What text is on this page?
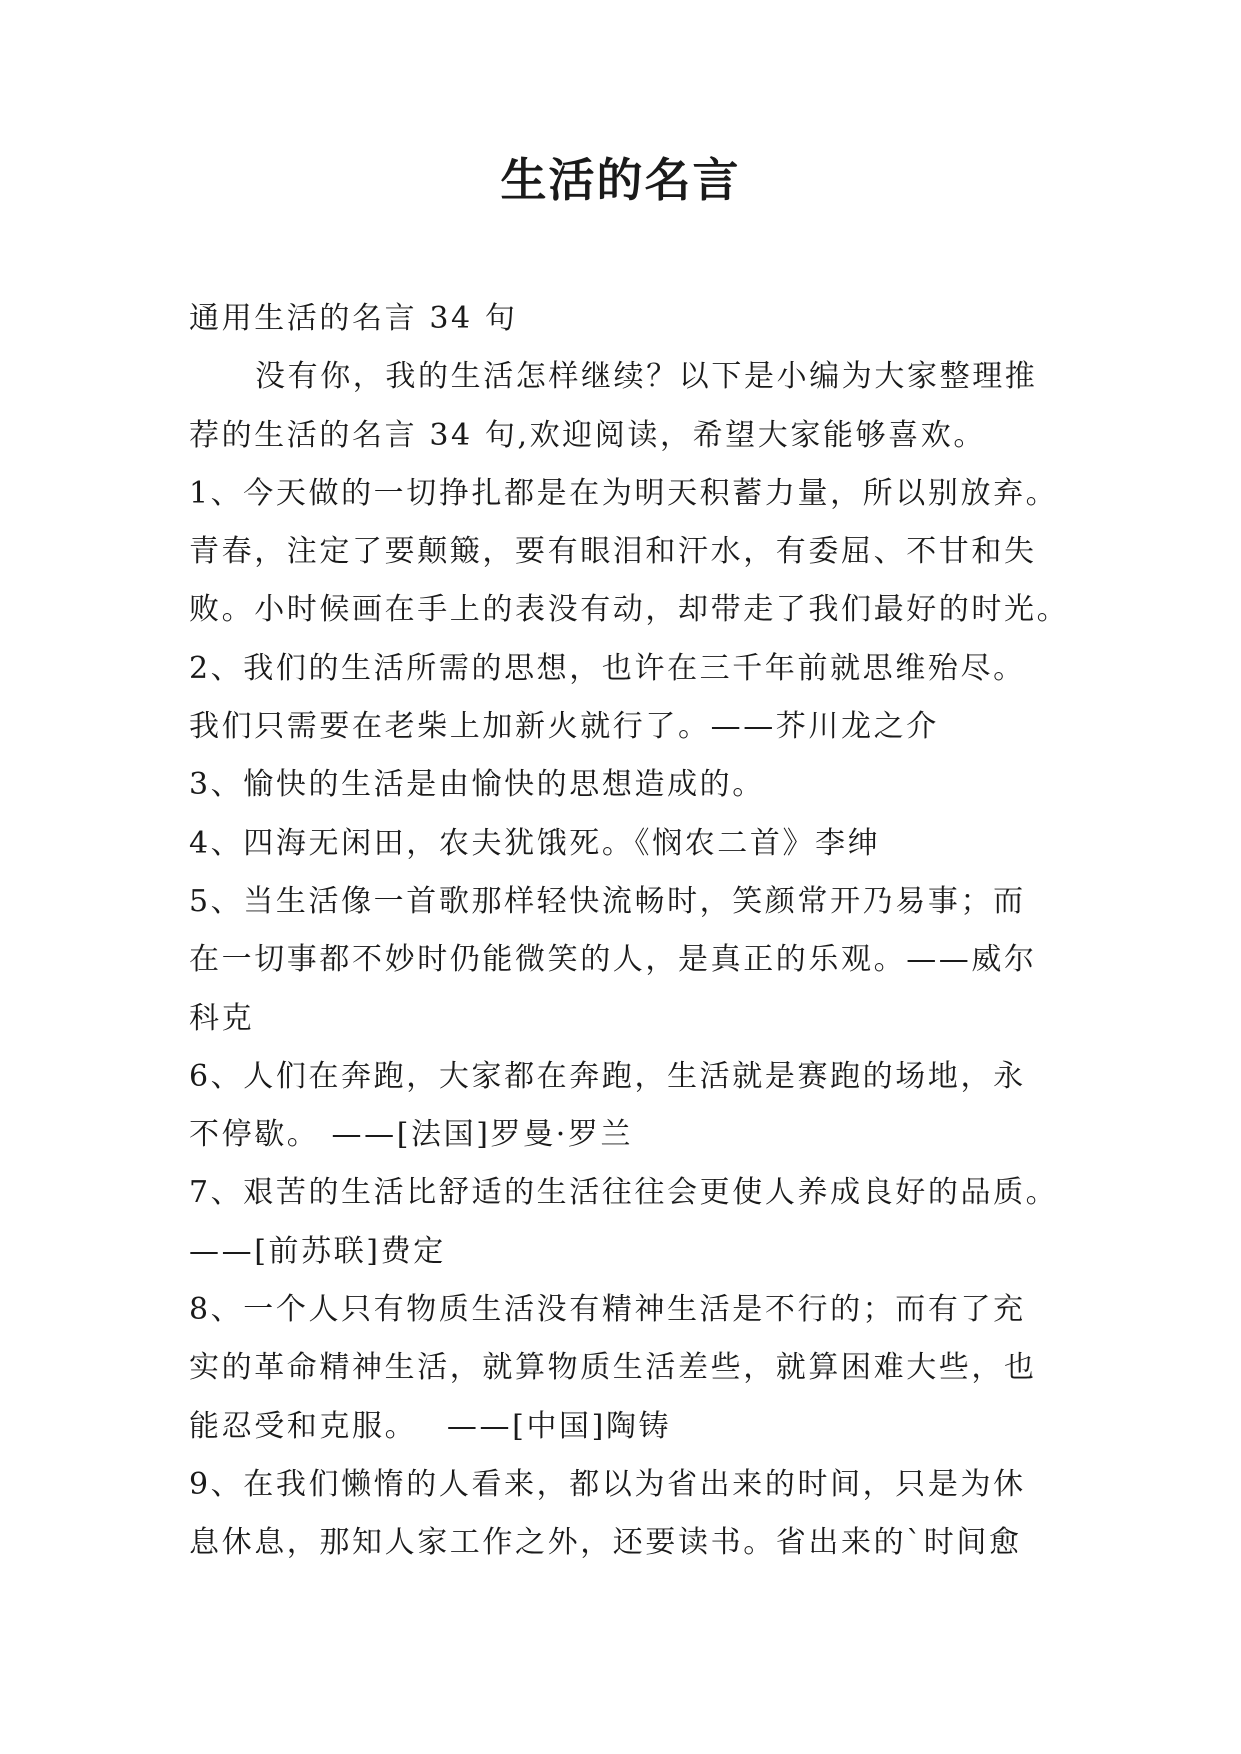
生活的名言
通用生活的名言 34 句
没有你，我的生活怎样继续？以下是小编为大家整理推
荐的生活的名言 34 句,欢迎阅读，希望大家能够喜欢。
1、今天做的一切挣扎都是在为明天积蓄力量，所以别放弃。
青春，注定了要颠簸，要有眼泪和汗水，有委屈、不甘和失
败。小时候画在手上的表没有动，却带走了我们最好的时光。
2、我们的生活所需的思想，也许在三千年前就思维殆尽。
我们只需要在老柴上加新火就行了。——芥川龙之介
3、愉快的生活是由愉快的思想造成的。
4、四海无闲田，农夫犹饿死。《悯农二首》李绅
5、当生活像一首歌那样轻快流畅时，笑颜常开乃易事；而
在一切事都不妙时仍能微笑的人，是真正的乐观。——威尔
科克
6、人们在奔跑，大家都在奔跑，生活就是赛跑的场地，永
不停歇。 ——[法国]罗曼·罗兰
7、艰苦的生活比舒适的生活往往会更使人养成良好的品质。
——[前苏联]费定
8、一个人只有物质生活没有精神生活是不行的；而有了充
实的革命精神生活，就算物质生活差些，就算困难大些，也
能忍受和克服。　 ——[中国]陶铸
9、在我们懒惰的人看来，都以为省出来的时间，只是为休
息休息，那知人家工作之外，还要读书。省出来的`时间愈
